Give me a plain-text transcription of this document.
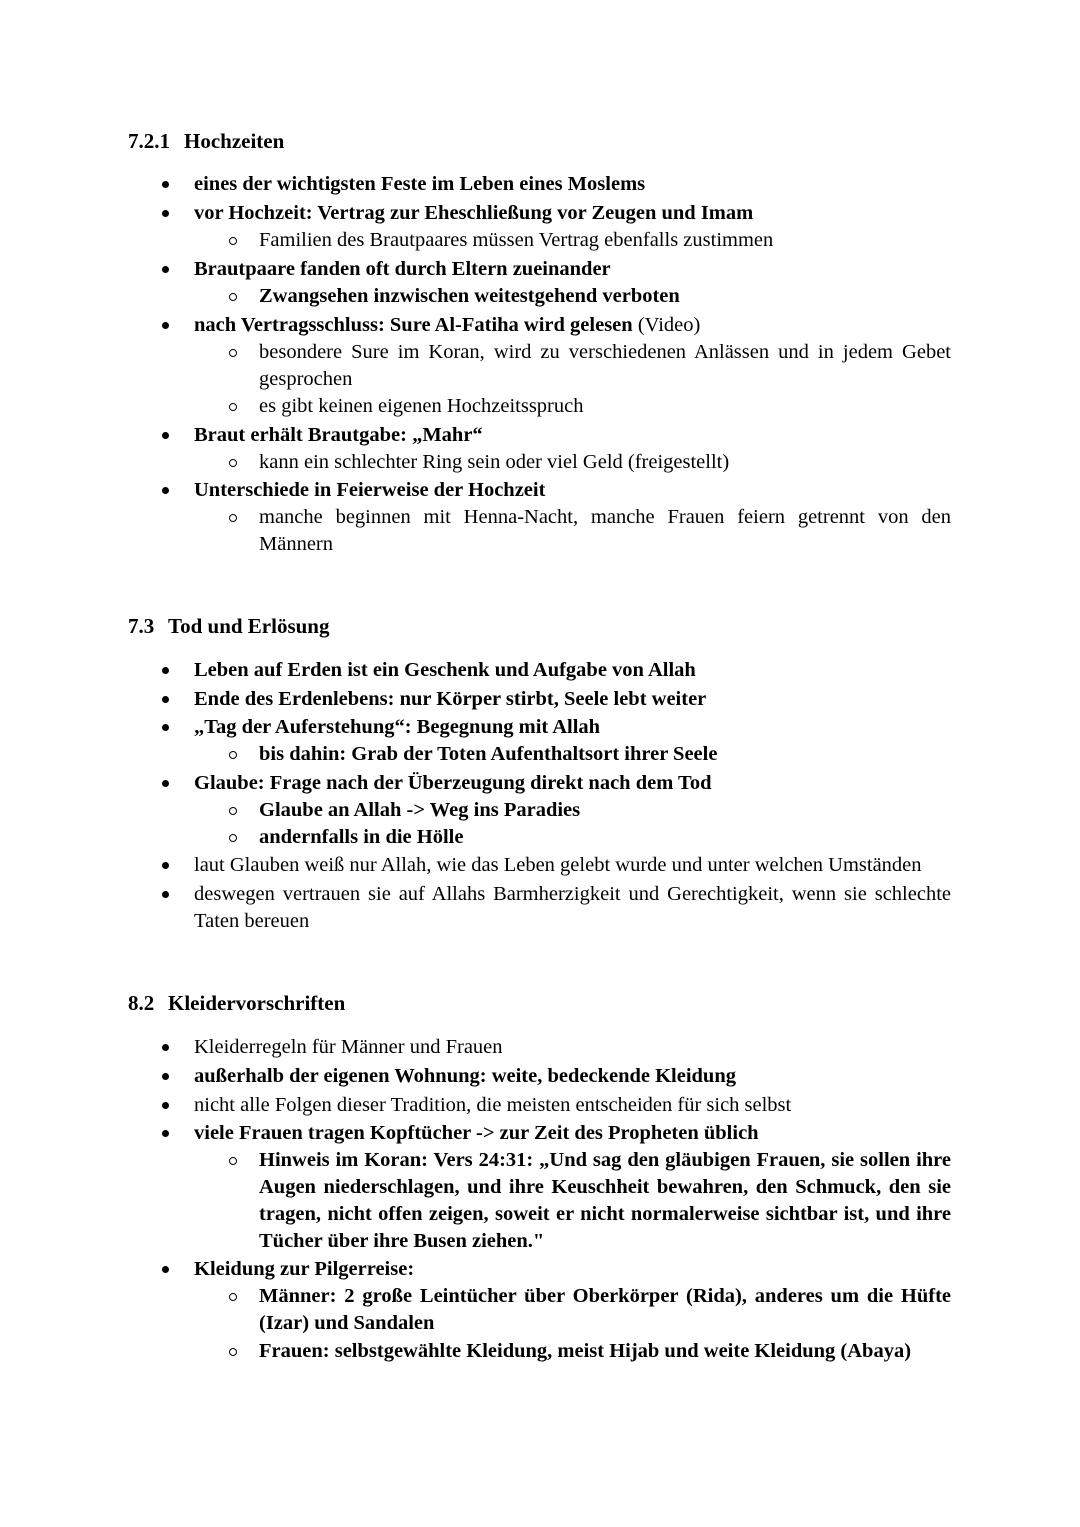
7.2.1 Hochzeiten
eines der wichtigsten Feste im Leben eines Moslems
vor Hochzeit: Vertrag zur Eheschließung vor Zeugen und Imam
Familien des Brautpaares müssen Vertrag ebenfalls zustimmen
Brautpaare fanden oft durch Eltern zueinander
Zwangsehen inzwischen weitestgehend verboten
nach Vertragsschluss: Sure Al-Fatiha wird gelesen (Video)
besondere Sure im Koran, wird zu verschiedenen Anlässen und in jedem Gebet gesprochen
es gibt keinen eigenen Hochzeitsspruch
Braut erhält Brautgabe: „Mahr“
kann ein schlechter Ring sein oder viel Geld (freigestellt)
Unterschiede in Feierweise der Hochzeit
manche beginnen mit Henna-Nacht, manche Frauen feiern getrennt von den Männern
7.3 Tod und Erlösung
Leben auf Erden ist ein Geschenk und Aufgabe von Allah
Ende des Erdenlebens: nur Körper stirbt, Seele lebt weiter
„Tag der Auferstehung“: Begegnung mit Allah
bis dahin: Grab der Toten Aufenthaltsort ihrer Seele
Glaube: Frage nach der Überzeugung direkt nach dem Tod
Glaube an Allah -> Weg ins Paradies
andernfalls in die Hölle
laut Glauben weiß nur Allah, wie das Leben gelebt wurde und unter welchen Umständen
deswegen vertrauen sie auf Allahs Barmherzigkeit und Gerechtigkeit, wenn sie schlechte Taten bereuen
8.2 Kleidervorschriften
Kleiderregeln für Männer und Frauen
außerhalb der eigenen Wohnung: weite, bedeckende Kleidung
nicht alle Folgen dieser Tradition, die meisten entscheiden für sich selbst
viele Frauen tragen Kopftücher -> zur Zeit des Propheten üblich
Hinweis im Koran: Vers 24:31: „Und sag den gläubigen Frauen, sie sollen ihre Augen niederschlagen, und ihre Keuschheit bewahren, den Schmuck, den sie tragen, nicht offen zeigen, soweit er nicht normalerweise sichtbar ist, und ihre Tücher über ihre Busen ziehen."
Kleidung zur Pilgerreise:
Männer: 2 große Leintücher über Oberkörper (Rida), anderes um die Hüfte (Izar) und Sandalen
Frauen: selbstgewählte Kleidung, meist Hijab und weite Kleidung (Abaya)
